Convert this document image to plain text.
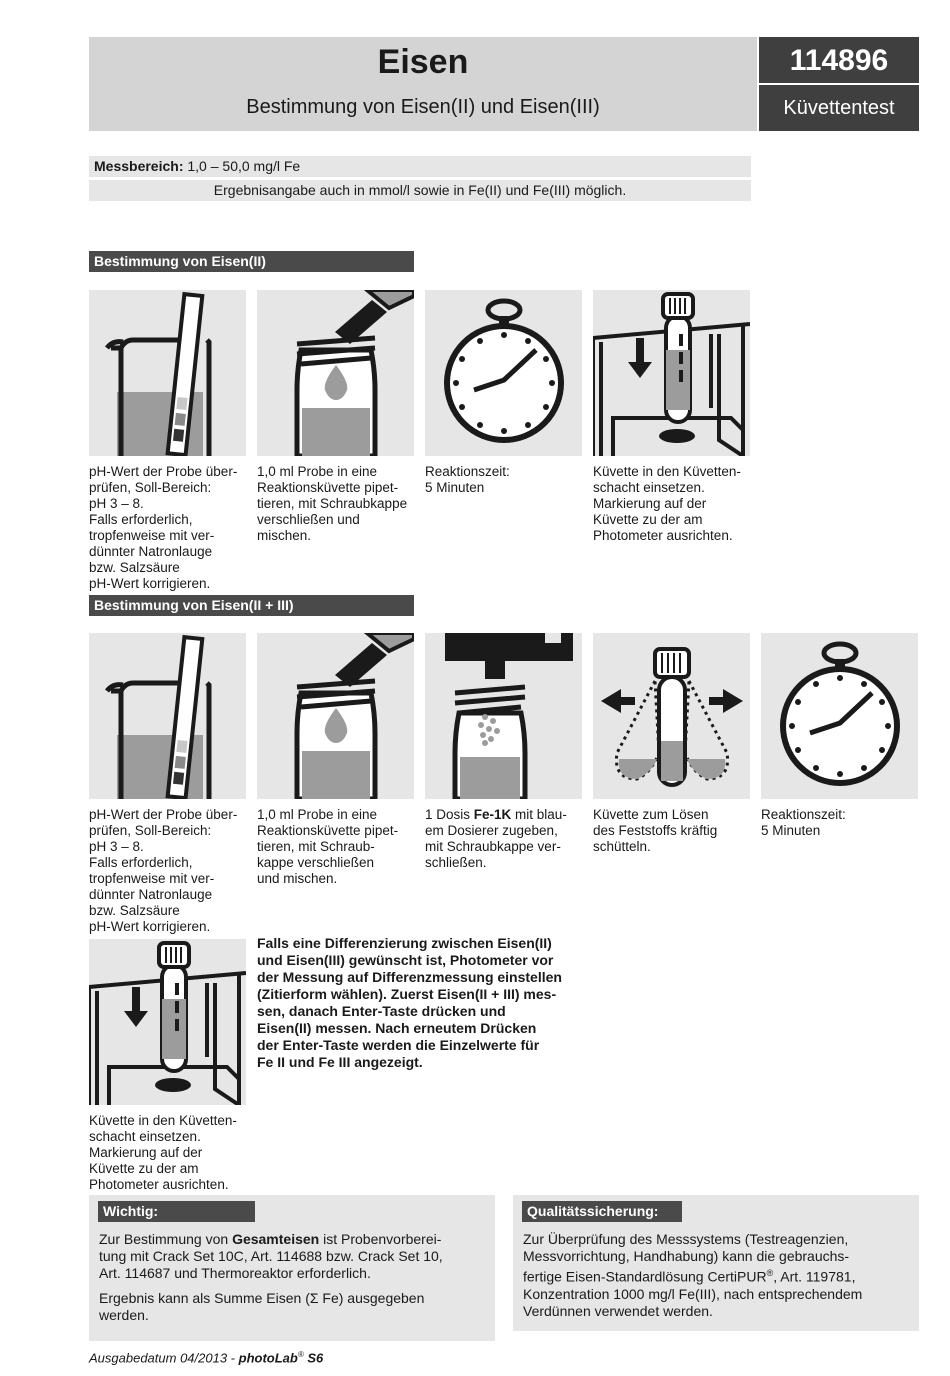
Eisen
Bestimmung von Eisen(II) und Eisen(III)
114896
Küvettentest
Messbereich: 1,0 – 50,0 mg/l Fe
Ergebnisangabe auch in mmol/l sowie in Fe(II) und Fe(III) möglich.
Bestimmung von Eisen(II)
pH-Wert der Probe über-
prüfen, Soll-Bereich:
pH 3 – 8.
Falls erforderlich,
tropfenweise mit ver-
dünnter Natronlauge
bzw. Salzsäure
pH-Wert korrigieren.
1,0 ml Probe in eine
Reaktionsküvette pipet-
tieren, mit Schraubkappe
verschließen und
mischen.
Reaktionszeit:
5 Minuten
Küvette in den Küvetten-
schacht einsetzen.
Markierung auf der
Küvette zu der am
Photometer ausrichten.
Bestimmung von Eisen(II + III)
pH-Wert der Probe über-
prüfen, Soll-Bereich:
pH 3 – 8.
Falls erforderlich,
tropfenweise mit ver-
dünnter Natronlauge
bzw. Salzsäure
pH-Wert korrigieren.
1,0 ml Probe in eine
Reaktionsküvette pipet-
tieren, mit Schraub-
kappe verschließen
und mischen.
1 Dosis Fe-1K mit blau-
em Dosierer zugeben,
mit Schraubkappe ver-
schließen.
Küvette zum Lösen
des Feststoffs kräftig
schütteln.
Reaktionszeit:
5 Minuten
Küvette in den Küvetten-
schacht einsetzen.
Markierung auf der
Küvette zu der am
Photometer ausrichten.
Falls eine Differenzierung zwischen Eisen(II)
und Eisen(III) gewünscht ist, Photometer vor
der Messung auf Differenzmessung einstellen
(Zitierform wählen). Zuerst Eisen(II + III) mes-
sen, danach Enter-Taste drücken und
Eisen(II) messen. Nach erneutem Drücken
der Enter-Taste werden die Einzelwerte für
Fe II und Fe III angezeigt.
Wichtig:
Zur Bestimmung von Gesamteisen ist Probenvorberei-
tung mit Crack Set 10C, Art. 114688 bzw. Crack Set 10,
Art. 114687 und Thermoreaktor erforderlich.
Ergebnis kann als Summe Eisen (Σ Fe) ausgegeben
werden.
Qualitätssicherung:
Zur Überprüfung des Messsystems (Testreagenzien,
Messvorrichtung, Handhabung) kann die gebrauchs-
fertige Eisen-Standardlösung CertiPUR®, Art. 119781,
Konzentration 1000 mg/l Fe(III), nach entsprechendem
Verdünnen verwendet werden.
Ausgabedatum 04/2013 - photoLab® S6
